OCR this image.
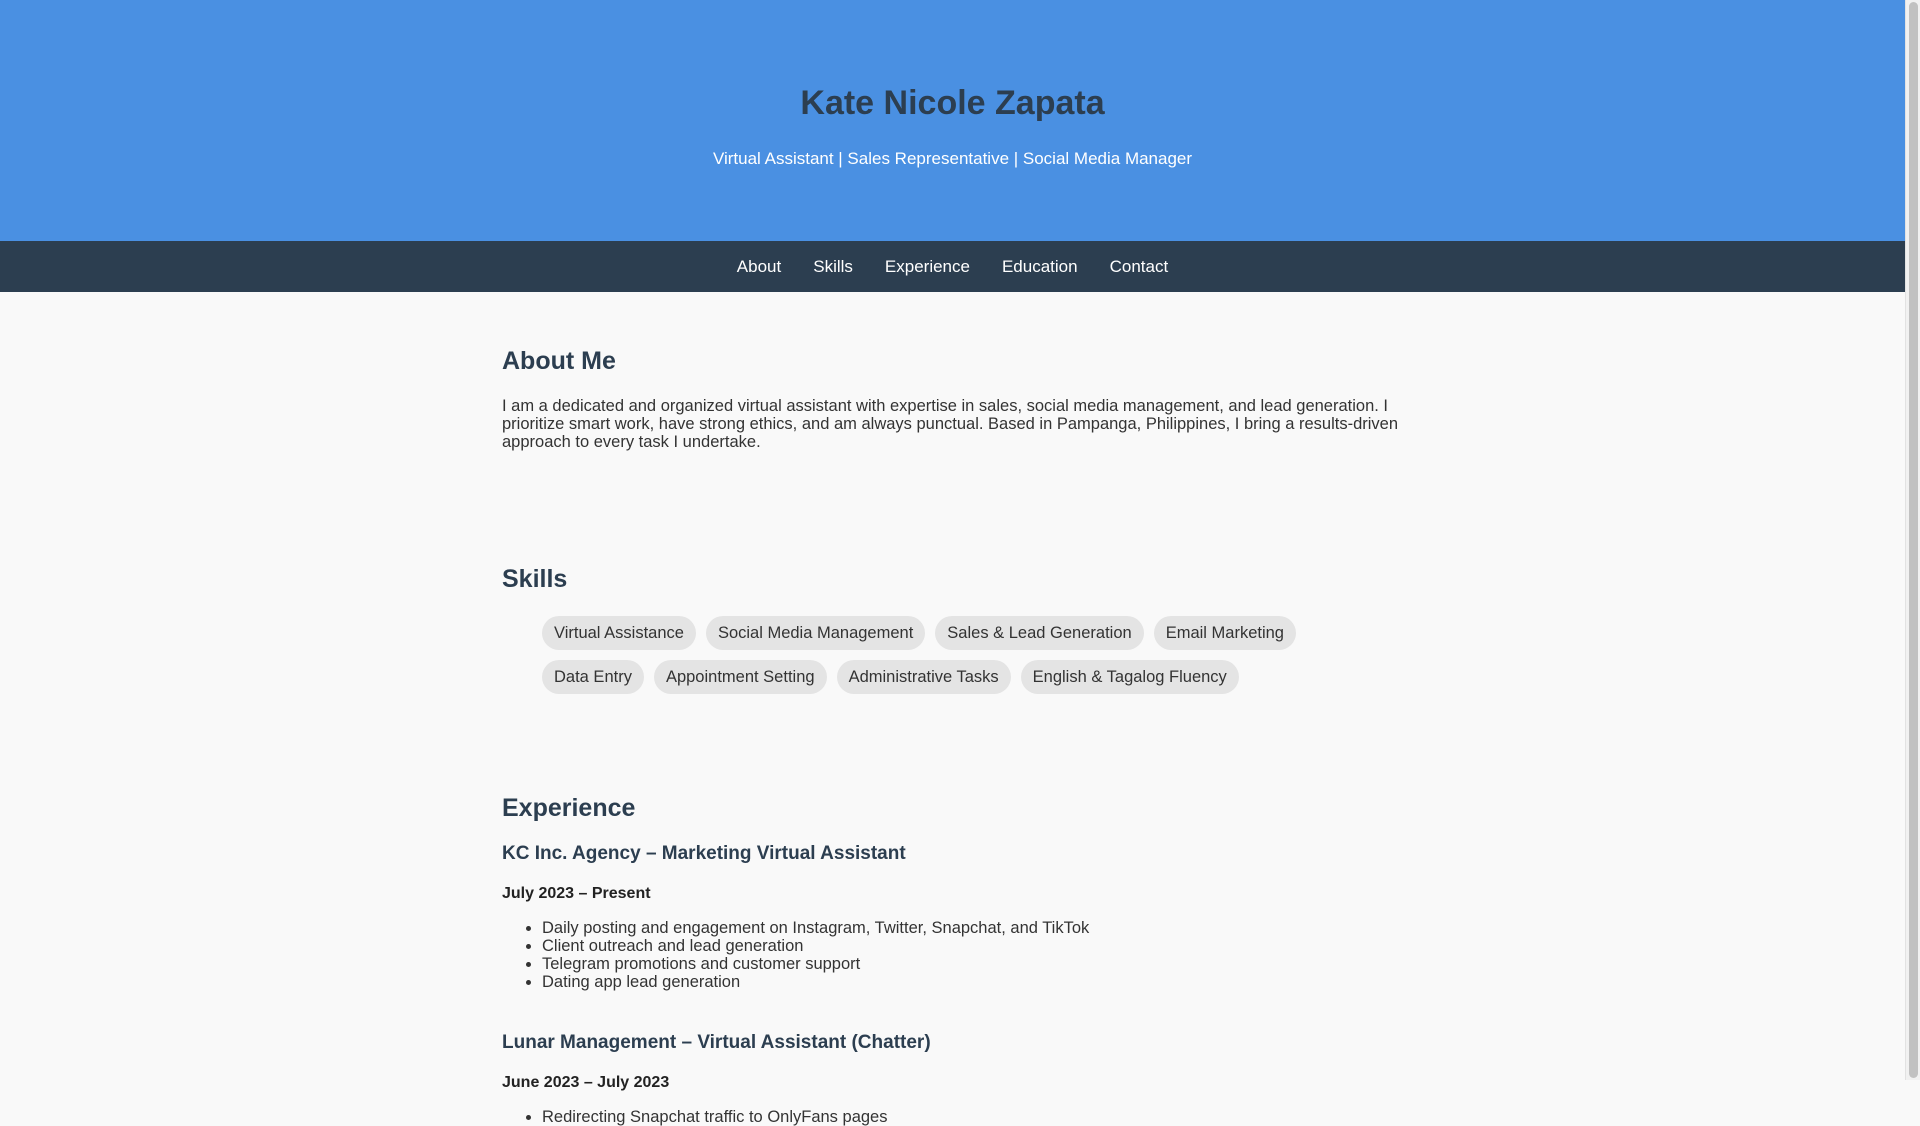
Kate Nicole Zapata

Virtual Assistant | Sales Representative | Social Media Manager

About	Skills	Experience	Education	Contact
About Me

I am a dedicated and organized virtual assistant with expertise in sales, social media management, and lead generation. I prioritize smart work, have strong ethics, and am always punctual. Based in Pampanga, Philippines, I bring a results-driven approach to every task I undertake.

Skills
Virtual Assistance	Social Media Management	Sales & Lead Generation	Email Marketing
Data Entry	Appointment Setting	Administrative Tasks	English & Tagalog Fluency
Experience
KC Inc. Agency – Marketing Virtual Assistant

July 2023 – Present

• Daily posting and engagement on Instagram, Twitter, Snapchat, and TikTok
• Client outreach and lead generation
• Telegram promotions and customer support
• Dating app lead generation
Lunar Management – Virtual Assistant (Chatter)

June 2023 – July 2023

• Redirecting Snapchat traffic to OnlyFans pages
